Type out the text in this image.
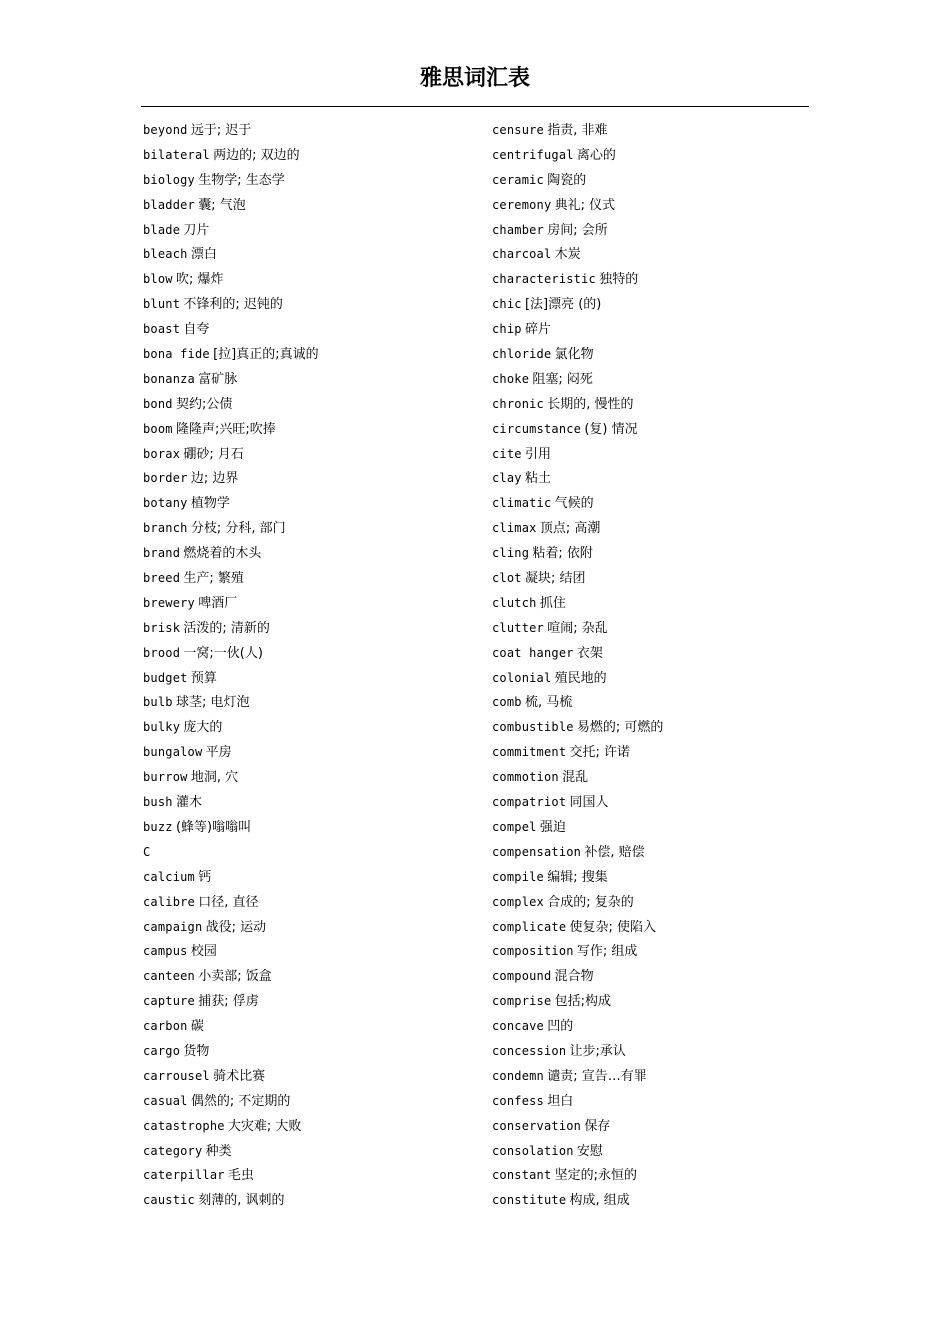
雅思词汇表
beyond 远于; 迟于
bilateral 两边的; 双边的
biology 生物学; 生态学
bladder 囊; 气泡
blade 刀片
bleach 漂白
blow 吹; 爆炸
blunt 不锋利的; 迟钝的
boast 自夸
bona fide [拉]真正的;真诚的
bonanza 富矿脉
bond 契约;公债
boom 隆隆声;兴旺;吹捧
borax 硼砂; 月石
border 边; 边界
botany 植物学
branch 分枝; 分科, 部门
brand 燃烧着的木头
breed 生产; 繁殖
brewery 啤酒厂
brisk 活泼的; 清新的
brood 一窝;一伙(人)
budget 预算
bulb 球茎; 电灯泡
bulky 庞大的
bungalow 平房
burrow 地洞, 穴
bush 灌木
buzz (蜂等)嗡嗡叫
C
calcium 钙
calibre 口径, 直径
campaign 战役; 运动
campus 校园
canteen 小卖部; 饭盒
capture 捕获; 俘虏
carbon 碳
cargo 货物
carrousel 骑术比赛
casual 偶然的; 不定期的
catastrophe 大灾难; 大败
category 种类
caterpillar 毛虫
caustic 刻薄的, 讽刺的
censure 指责, 非难
centrifugal 离心的
ceramic 陶瓷的
ceremony 典礼; 仪式
chamber 房间; 会所
charcoal 木炭
characteristic 独特的
chic [法]漂亮 (的)
chip 碎片
chloride 氯化物
choke 阻塞; 闷死
chronic 长期的, 慢性的
circumstance (复) 情况
cite 引用
clay 粘土
climatic 气候的
climax 顶点; 高潮
cling 粘着; 依附
clot 凝块; 结团
clutch 抓住
clutter 喧闹; 杂乱
coat hanger 衣架
colonial 殖民地的
comb 梳, 马梳
combustible 易燃的; 可燃的
commitment 交托; 许诺
commotion 混乱
compatriot 同国人
compel 强迫
compensation 补偿, 赔偿
compile 编辑; 搜集
complex 合成的; 复杂的
complicate 使复杂; 使陷入
composition 写作; 组成
compound 混合物
comprise 包括;构成
concave 凹的
concession 让步;承认
condemn 谴责; 宣告…有罪
confess 坦白
conservation 保存
consolation 安慰
constant 坚定的;永恒的
constitute 构成, 组成
